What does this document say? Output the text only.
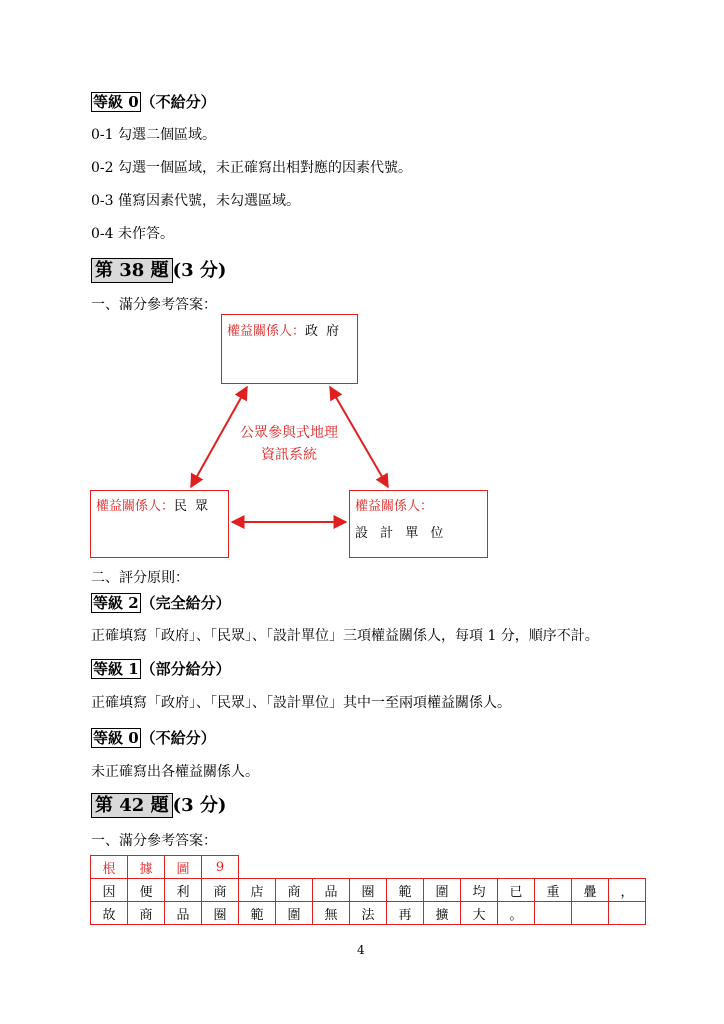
等級 0 （不給分）
0-1 勾選二個區域。
0-2 勾選一個區域，未正確寫出相對應的因素代號。
0-3 僅寫因素代號，未勾選區域。
0-4 未作答。
第 38 題 (3 分)
一、滿分參考答案：
權益關係人：政 府
公眾參與式地理
資訊系統
權益關係人：民 眾	權益關係人：
設 計 單 位
二、評分原則：
等級 2 （完全給分）
正確填寫「政府」、「民眾」、「設計單位」三項權益關係人，每項 1 分，順序不計。
等級 1 （部分給分）
正確填寫「政府」、「民眾」、「設計單位」其中一至兩項權益關係人。
等級 0 （不給分）
未正確寫出各權益關係人。
第 42 題 (3 分)
一、滿分參考答案：
根	據	圖	9
因	便	利	商	店	商	品	圈	範	圍	均	已	重	疊	，
故	商	品	圈	範	圍	無	法	再	擴	大	。			
4
